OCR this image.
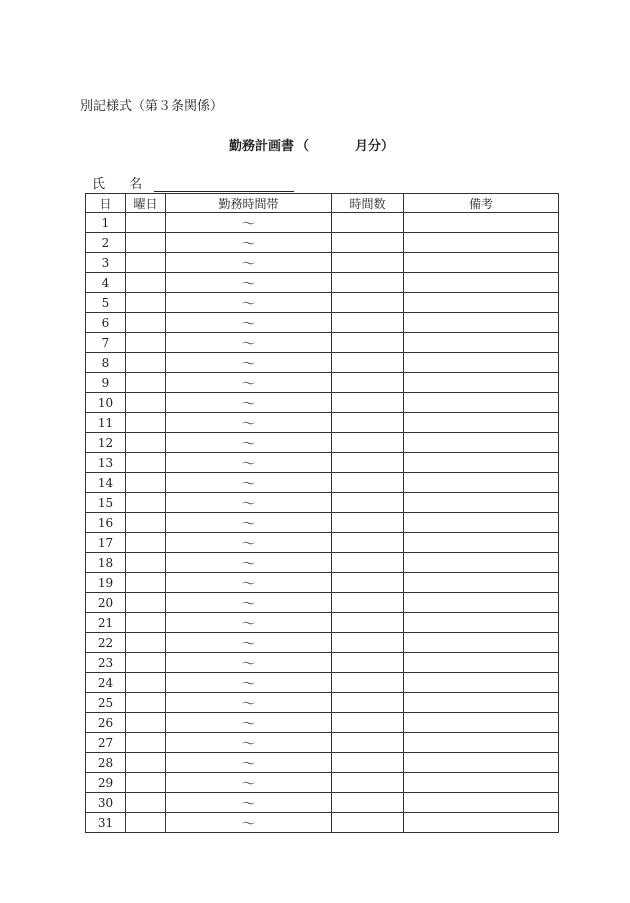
別記様式（第３条関係）
勤務計画書 （	月分）
氏 名
日	曜日	勤務時間帯	時間数	備考
1		～		
2		～		
3		～		
4		～		
5		～		
6		～		
7		～		
8		～		
9		～		
10		～		
11		～		
12		～		
13		～		
14		～		
15		～		
16		～		
17		～		
18		～		
19		～		
20		～		
21		～		
22		～		
23		～		
24		～		
25		～		
26		～		
27		～		
28		～		
29		～		
30		～		
31		～		
